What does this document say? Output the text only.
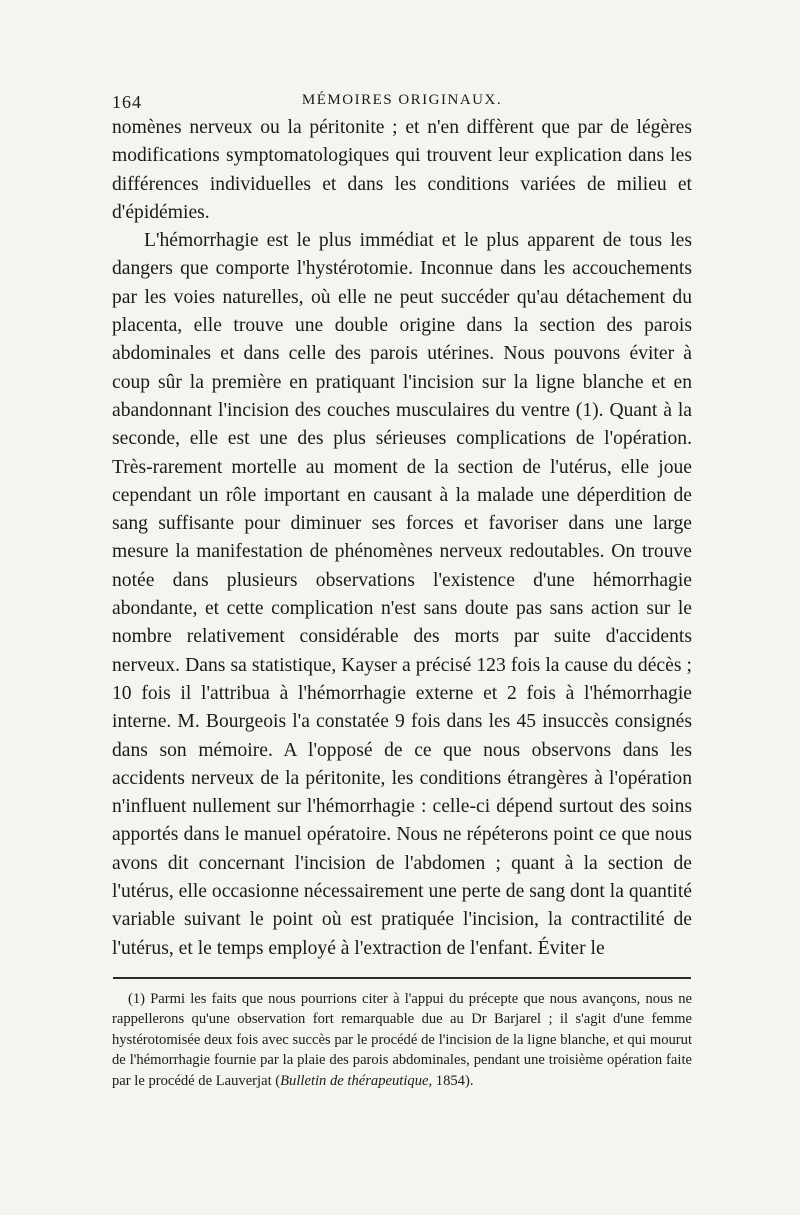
164	MÉMOIRES ORIGINAUX.

nomènes nerveux ou la péritonite ; et n'en diffèrent que par de légères modifications symptomatologiques qui trouvent leur explication dans les différences individuelles et dans les conditions variées de milieu et d'épidémies.

L'hémorrhagie est le plus immédiat et le plus apparent de tous les dangers que comporte l'hystérotomie. Inconnue dans les accouchements par les voies naturelles, où elle ne peut succéder qu'au détachement du placenta, elle trouve une double origine dans la section des parois abdominales et dans celle des parois utérines. Nous pouvons éviter à coup sûr la première en pratiquant l'incision sur la ligne blanche et en abandonnant l'incision des couches musculaires du ventre (1). Quant à la seconde, elle est une des plus sérieuses complications de l'opération. Très-rarement mortelle au moment de la section de l'utérus, elle joue cependant un rôle important en causant à la malade une déperdition de sang suffisante pour diminuer ses forces et favoriser dans une large mesure la manifestation de phénomènes nerveux redoutables. On trouve notée dans plusieurs observations l'existence d'une hémorrhagie abondante, et cette complication n'est sans doute pas sans action sur le nombre relativement considérable des morts par suite d'accidents nerveux. Dans sa statistique, Kayser a précisé 123 fois la cause du décès ; 10 fois il l'attribua à l'hémorrhagie externe et 2 fois à l'hémorrhagie interne. M. Bourgeois l'a constatée 9 fois dans les 45 insuccès consignés dans son mémoire. A l'opposé de ce que nous observons dans les accidents nerveux de la péritonite, les conditions étrangères à l'opération n'influent nullement sur l'hémorrhagie : celle-ci dépend surtout des soins apportés dans le manuel opératoire. Nous ne répéterons point ce que nous avons dit concernant l'incision de l'abdomen ; quant à la section de l'utérus, elle occasionne nécessairement une perte de sang dont la quantité variable suivant le point où est pratiquée l'incision, la contractilité de l'utérus, et le temps employé à l'extraction de l'enfant. Éviter le

(1) Parmi les faits que nous pourrions citer à l'appui du précepte que nous avançons, nous ne rappellerons qu'une observation fort remarquable due au Dr Barjarel ; il s'agit d'une femme hystérotomisée deux fois avec succès par le procédé de l'incision de la ligne blanche, et qui mourut de l'hémorrhagie fournie par la plaie des parois abdominales, pendant une troisième opération faite par le procédé de Lauverjat (Bulletin de thérapeutique, 1854).
